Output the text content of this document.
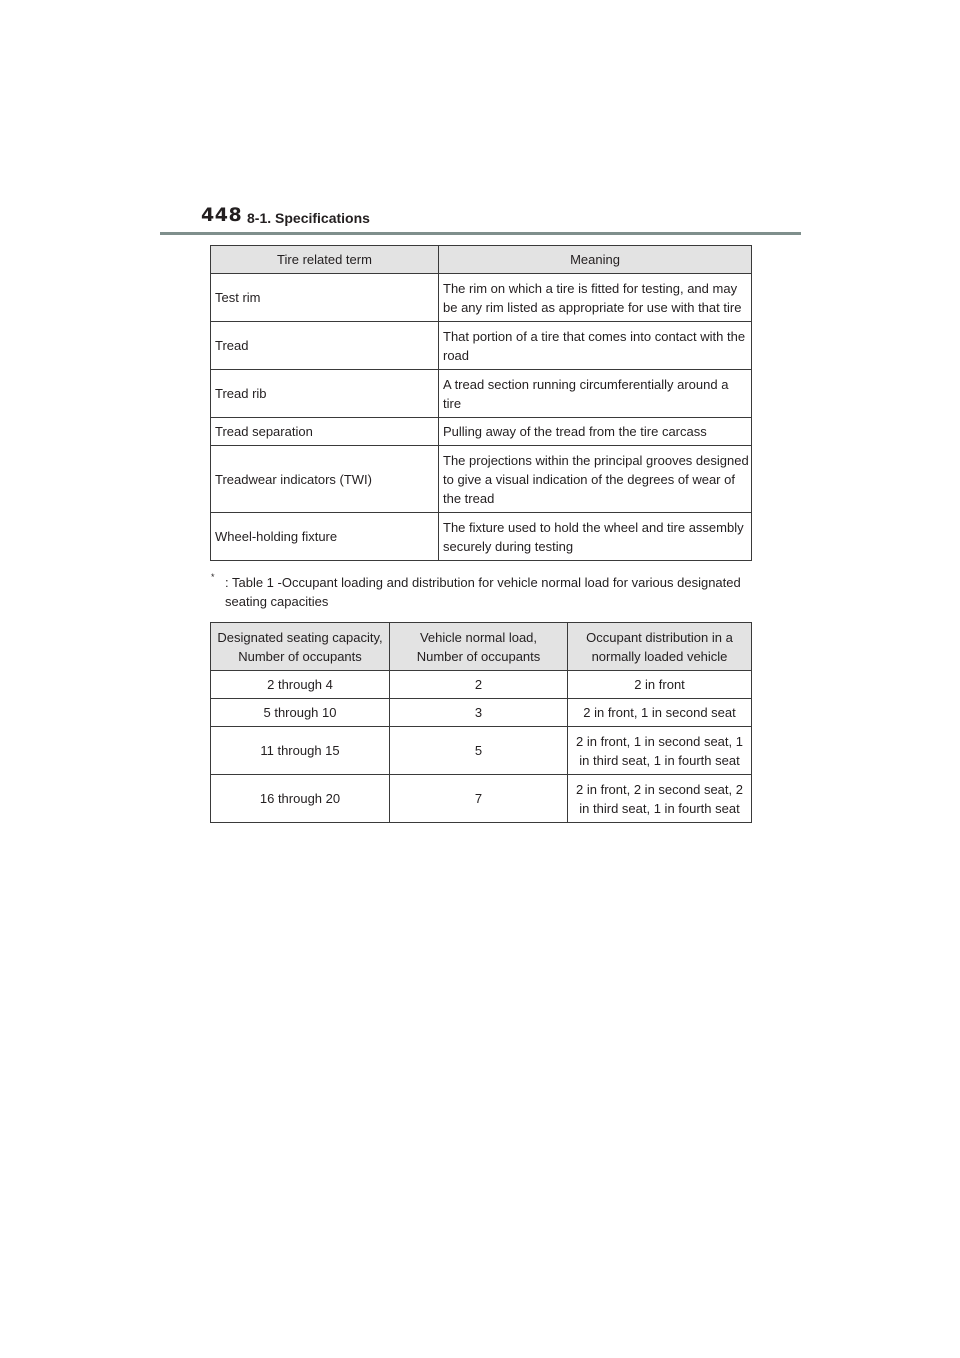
448 8-1. Specifications
Tire related term	Meaning
Test rim	The rim on which a tire is fitted for testing, and may be any rim listed as appropriate for use with that tire
Tread	That portion of a tire that comes into contact with the road
Tread rib	A tread section running circumferentially around a tire
Tread separation	Pulling away of the tread from the tire carcass
Treadwear indicators (TWI)	The projections within the principal grooves designed to give a visual indication of the degrees of wear of the tread
Wheel-holding fixture	The fixture used to hold the wheel and tire assembly securely during testing
* : Table 1 -Occupant loading and distribution for vehicle normal load for various designated seating capacities
Designated seating capacity, Number of occupants	Vehicle normal load, Number of occupants	Occupant distribution in a normally loaded vehicle
2 through 4	2	2 in front
5 through 10	3	2 in front, 1 in second seat
11 through 15	5	2 in front, 1 in second seat, 1 in third seat, 1 in fourth seat
16 through 20	7	2 in front, 2 in second seat, 2 in third seat, 1 in fourth seat
